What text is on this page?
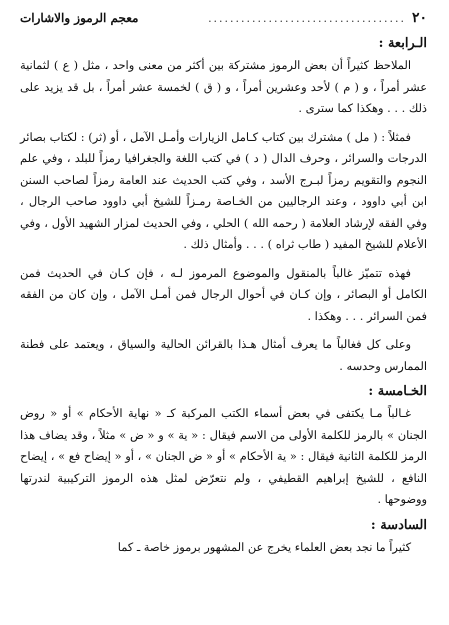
٢٠
....................................
معجم الرموز والاشارات
الـرابعة :

الملاحظ كثيراً أن بعض الرموز مشتركة بين أكثر من معنى واحد ، مثل ( ع ) لثمانية عشر أمراً ، و ( م ) لأحد وعشرين أمراً ، و ( ق ) لخمسة عشر أمراً ، بل قد يزيد على ذلك . . . وهكذا كما سترى .

فمثلاً : ( مل ) مشترك بين كتاب كـامل الزيارات وأمـل الآمل ، أو (ثر) : لكتاب بصائر الدرجات والسرائر ، وحرف الدال ( د ) في كتب اللغة والجغرافيا رمزاً للبلد ، وفي علم النجوم والتقويم رمزاً لبـرج الأسد ، وفي كتب الحديث عند العامة رمزاً لصاحب السنن ابن أبي داوود ، وعند الرجاليين من الخـاصة رمـزاً للشيخ أبي داوود صاحب الرجال ، وفي الفقه لإرشاد العلامة ( رحمه الله ) الحلي ، وفي الحديث لمزار الشهيد الأول ، وفي الأعلام للشيخ المفيد ( طاب ثراه ) . . . وأمثال ذلك .

فهذه تتميّز غالباً بالمنقول والموضوع المرموز لـه ، فإن كـان في الحديث فمن الكامل أو البصائر ، وإن كـان في أحوال الرجال فمن أمـل الآمل ، وإن كان من الفقه فمن السرائر . . . وهكذا .

وعلى كل فغالباً ما يعرف أمثال هـذا بالقرائن الحالية والسياق ، ويعتمد على فطنة الممارس وحدسه .

الخـامسة :

غـالباً مـا يكتفى في بعض أسماء الكتب المركبة كـ « نهاية الأحكام » أو « روض الجنان » بالرمز للكلمة الأولى من الاسم فيقال : « ية » و « ض » مثلاً ، وقد يضاف هذا الرمز للكلمة الثانية فيقال : « ية الأحكام » أو « ض الجنان » ، أو « إيضاح فع » ، إيضاح النافع ، للشيخ إبراهيم القطيفي ، ولم نتعرّض لمثل هذه الرموز التركيبية لندرتها ووضوحها .

السادسة :

كثيراً ما نجد بعض العلماء يخرج عن المشهور برموز خاصة ـ كما
